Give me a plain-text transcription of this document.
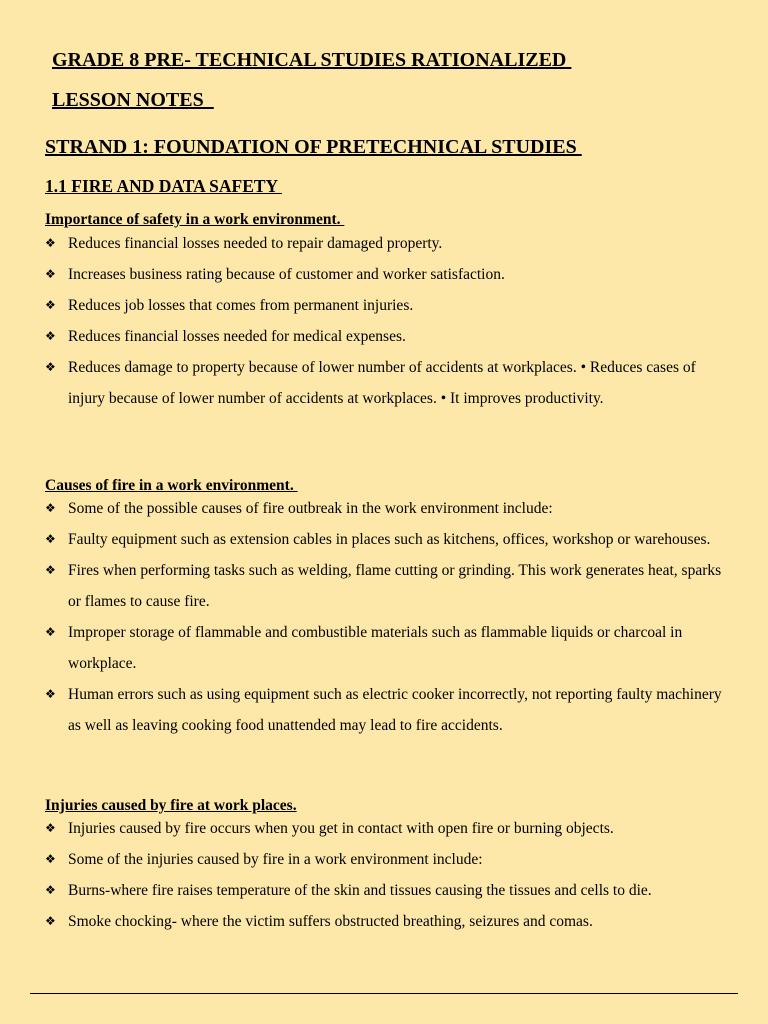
GRADE 8 PRE- TECHNICAL STUDIES RATIONALIZED
LESSON NOTES
STRAND 1: FOUNDATION OF PRETECHNICAL STUDIES
1.1 FIRE AND DATA SAFETY
Importance of safety in a work environment.
❖ Reduces financial losses needed to repair damaged property.
❖ Increases business rating because of customer and worker satisfaction.
❖ Reduces job losses that comes from permanent injuries.
❖ Reduces financial losses needed for medical expenses.
❖ Reduces damage to property because of lower number of accidents at workplaces. • Reduces cases of injury because of lower number of accidents at workplaces. • It improves productivity.
Causes of fire in a work environment.
❖ Some of the possible causes of fire outbreak in the work environment include:
❖ Faulty equipment such as extension cables in places such as kitchens, offices, workshop or warehouses.
❖ Fires when performing tasks such as welding, flame cutting or grinding. This work generates heat, sparks or flames to cause fire.
❖ Improper storage of flammable and combustible materials such as flammable liquids or charcoal in workplace.
❖ Human errors such as using equipment such as electric cooker incorrectly, not reporting faulty machinery as well as leaving cooking food unattended may lead to fire accidents.
Injuries caused by fire at work places.
❖ Injuries caused by fire occurs when you get in contact with open fire or burning objects.
❖ Some of the injuries caused by fire in a work environment include:
❖ Burns-where fire raises temperature of the skin and tissues causing the tissues and cells to die.
❖ Smoke chocking- where the victim suffers obstructed breathing, seizures and comas.
